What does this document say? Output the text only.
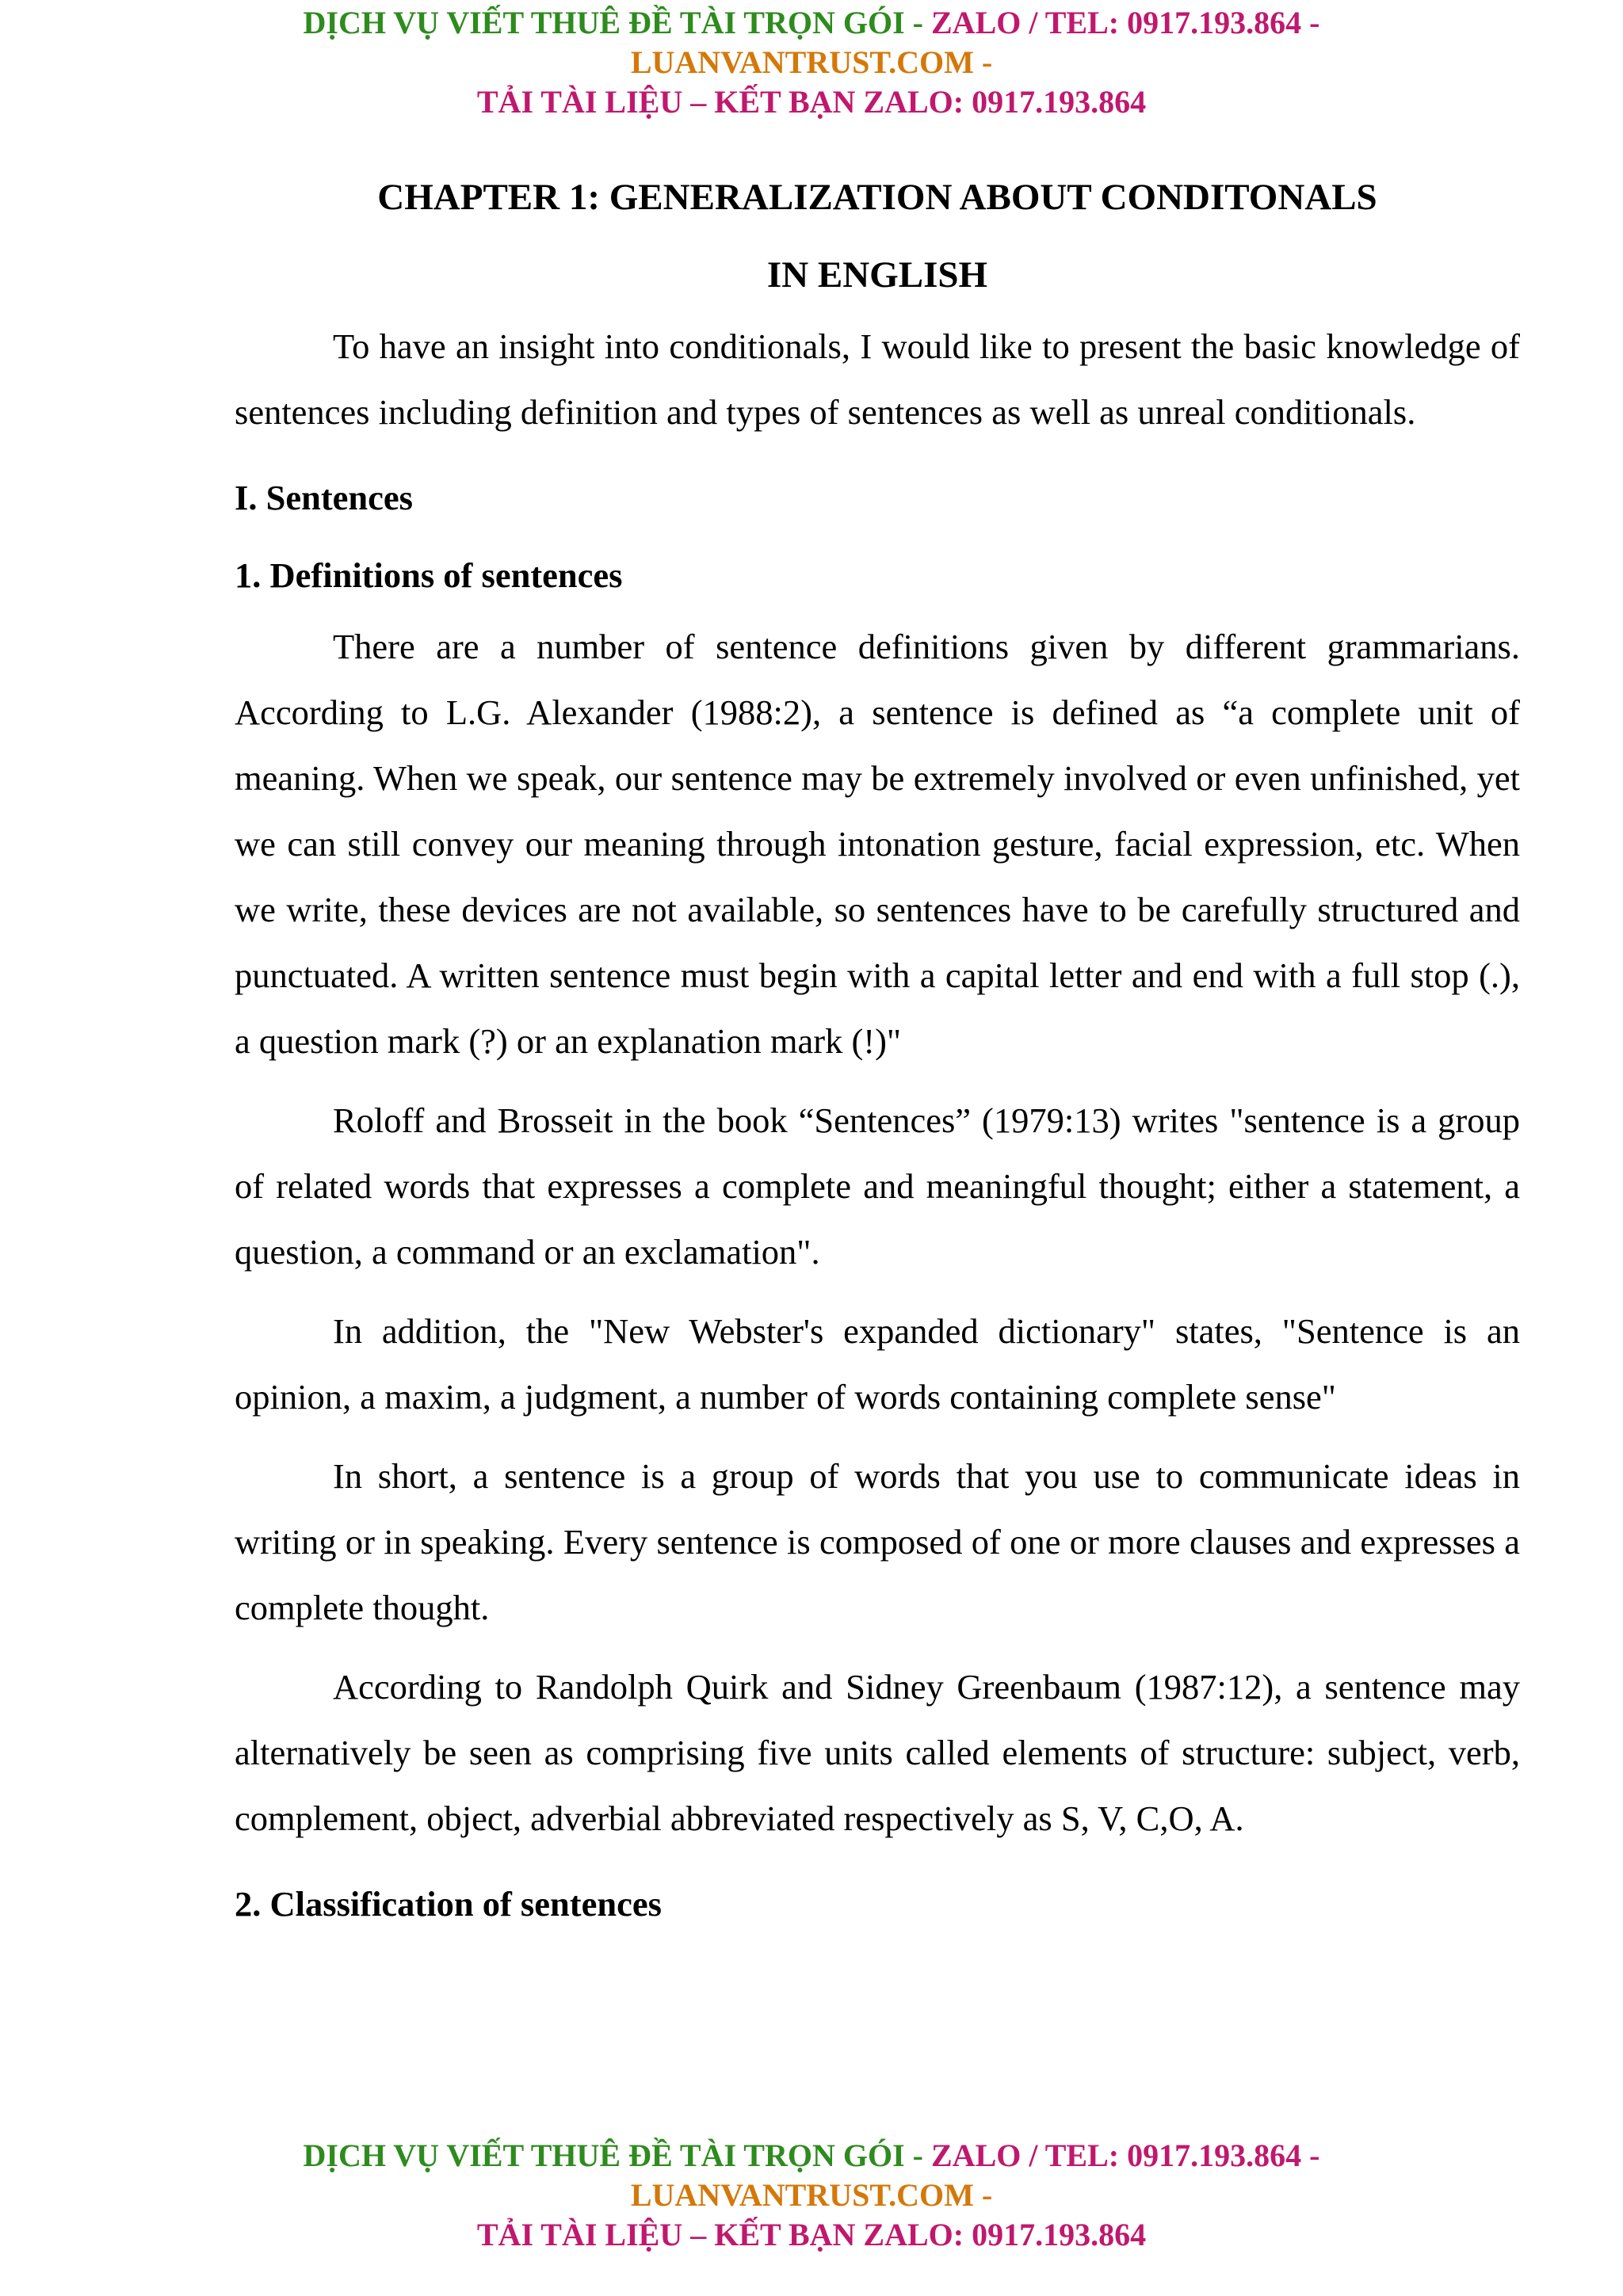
DỊCH VỤ VIẾT THUÊ ĐỀ TÀI TRỌN GÓI - ZALO / TEL: 0917.193.864 -
LUANVANTRUST.COM -
TẢI TÀI LIỆU – KẾT BẠN ZALO: 0917.193.864

CHAPTER 1: GENERALIZATION ABOUT CONDITONALS

IN ENGLISH

To have an insight into conditionals, I would like to present the basic knowledge of sentences including definition and types of sentences as well as unreal conditionals.

I. Sentences

1. Definitions of sentences

There are a number of sentence definitions given by different grammarians. According to L.G. Alexander (1988:2), a sentence is defined as “a complete unit of meaning. When we speak, our sentence may be extremely involved or even unfinished, yet we can still convey our meaning through intonation gesture, facial expression, etc. When we write, these devices are not available, so sentences have to be carefully structured and punctuated. A written sentence must begin with a capital letter and end with a full stop (.), a question mark (?) or an explanation mark (!)"

Roloff and Brosseit in the book “Sentences” (1979:13) writes "sentence is a group of related words that expresses a complete and meaningful thought; either a statement, a question, a command or an exclamation".

In addition, the "New Webster's expanded dictionary" states, "Sentence is an opinion, a maxim, a judgment, a number of words containing complete sense"

In short, a sentence is a group of words that you use to communicate ideas in writing or in speaking. Every sentence is composed of one or more clauses and expresses a complete thought.

According to Randolph Quirk and Sidney Greenbaum (1987:12), a sentence may alternatively be seen as comprising five units called elements of structure: subject, verb, complement, object, adverbial abbreviated respectively as S, V, C,O, A.

2. Classification of sentences

DỊCH VỤ VIẾT THUÊ ĐỀ TÀI TRỌN GÓI - ZALO / TEL: 0917.193.864 -
LUANVANTRUST.COM -
TẢI TÀI LIỆU – KẾT BẠN ZALO: 0917.193.864
